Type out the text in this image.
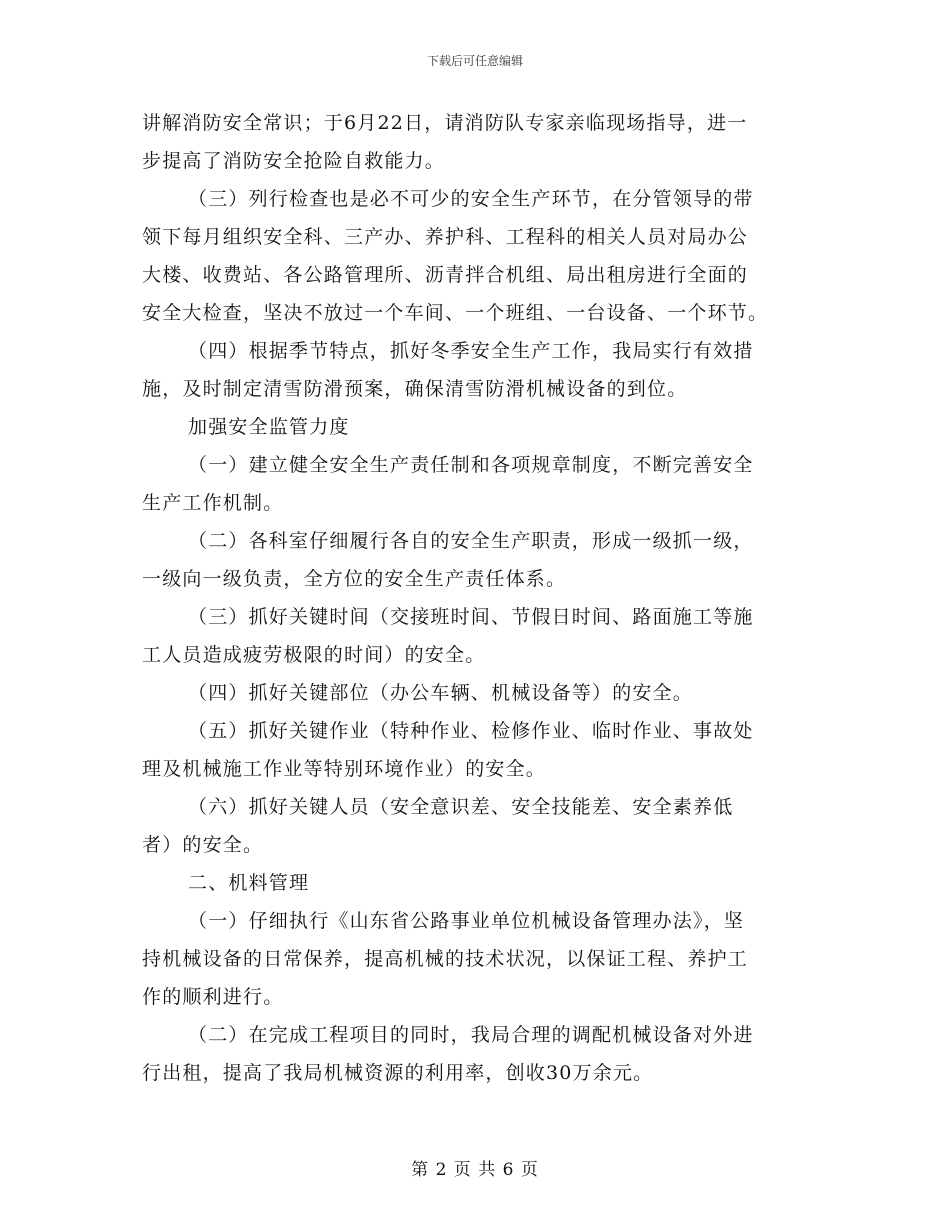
下载后可任意编辑
讲解消防安全常识；于6月22日，请消防队专家亲临现场指导，进一
步提高了消防安全抢险自救能力。
（三）列行检查也是必不可少的安全生产环节，在分管领导的带
领下每月组织安全科、三产办、养护科、工程科的相关人员对局办公
大楼、收费站、各公路管理所、沥青拌合机组、局出租房进行全面的
安全大检查，坚决不放过一个车间、一个班组、一台设备、一个环节。
（四）根据季节特点，抓好冬季安全生产工作，我局实行有效措
施，及时制定清雪防滑预案，确保清雪防滑机械设备的到位。
加强安全监管力度
（一）建立健全安全生产责任制和各项规章制度，不断完善安全
生产工作机制。
（二）各科室仔细履行各自的安全生产职责，形成一级抓一级，
一级向一级负责，全方位的安全生产责任体系。
（三）抓好关键时间（交接班时间、节假日时间、路面施工等施
工人员造成疲劳极限的时间）的安全。
（四）抓好关键部位（办公车辆、机械设备等）的安全。
（五）抓好关键作业（特种作业、检修作业、临时作业、事故处
理及机械施工作业等特别环境作业）的安全。
（六）抓好关键人员（安全意识差、安全技能差、安全素养低
者）的安全。
二、机料管理
（一）仔细执行《山东省公路事业单位机械设备管理办法》，坚
持机械设备的日常保养，提高机械的技术状况，以保证工程、养护工
作的顺利进行。
（二）在完成工程项目的同时，我局合理的调配机械设备对外进
行出租，提高了我局机械资源的利用率，创收30万余元。
第 2 页 共 6 页
